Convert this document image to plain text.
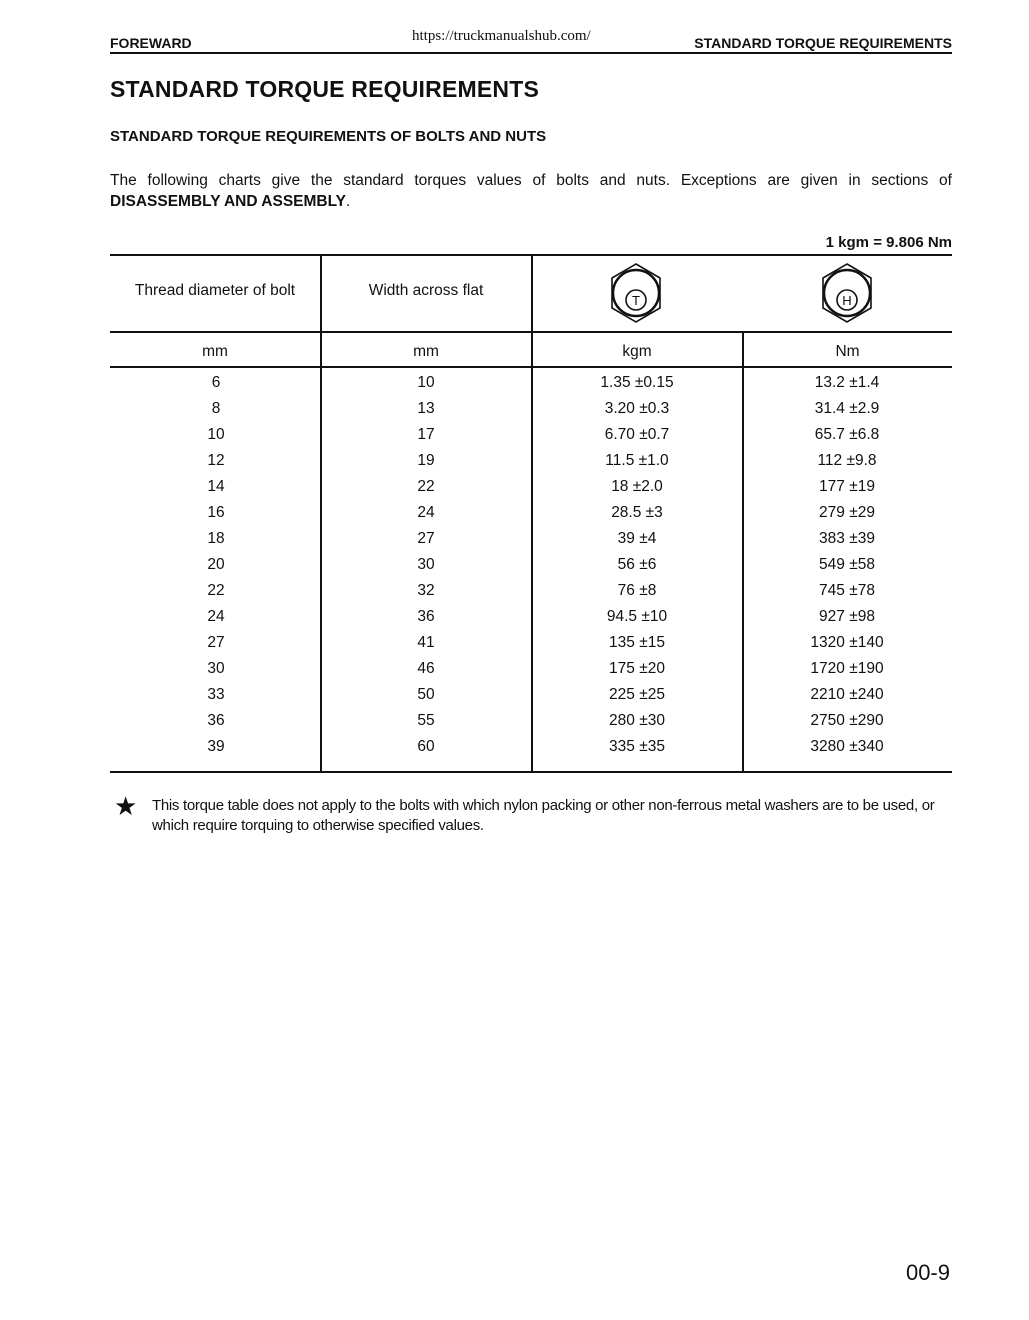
FOREWARD	https://truckmanualshub.com/	STANDARD TORQUE REQUIREMENTS
STANDARD TORQUE REQUIREMENTS
STANDARD TORQUE REQUIREMENTS OF BOLTS AND NUTS
The following charts give the standard torques values of bolts and nuts. Exceptions are given in sections of DISASSEMBLY AND ASSEMBLY.
1 kgm = 9.806 Nm
Thread diameter of bolt	Width across flat
T	H
mm	mm	kgm	Nm
6	10	1.35 ±0.15	13.2 ±1.4
8	13	3.20 ±0.3	31.4 ±2.9
10	17	6.70 ±0.7	65.7 ±6.8
12	19	11.5 ±1.0	112 ±9.8
14	22	18 ±2.0	177 ±19
16	24	28.5 ±3	279 ±29
18	27	39 ±4	383 ±39
20	30	56 ±6	549 ±58
22	32	76 ±8	745 ±78
24	36	94.5 ±10	927 ±98
27	41	135 ±15	1320 ±140
30	46	175 ±20	1720 ±190
33	50	225 ±25	2210 ±240
36	55	280 ±30	2750 ±290
39	60	335 ±35	3280 ±340
★ This torque table does not apply to the bolts with which nylon packing or other non-ferrous metal washers are to be used, or which require torquing to otherwise specified values.
00-9
